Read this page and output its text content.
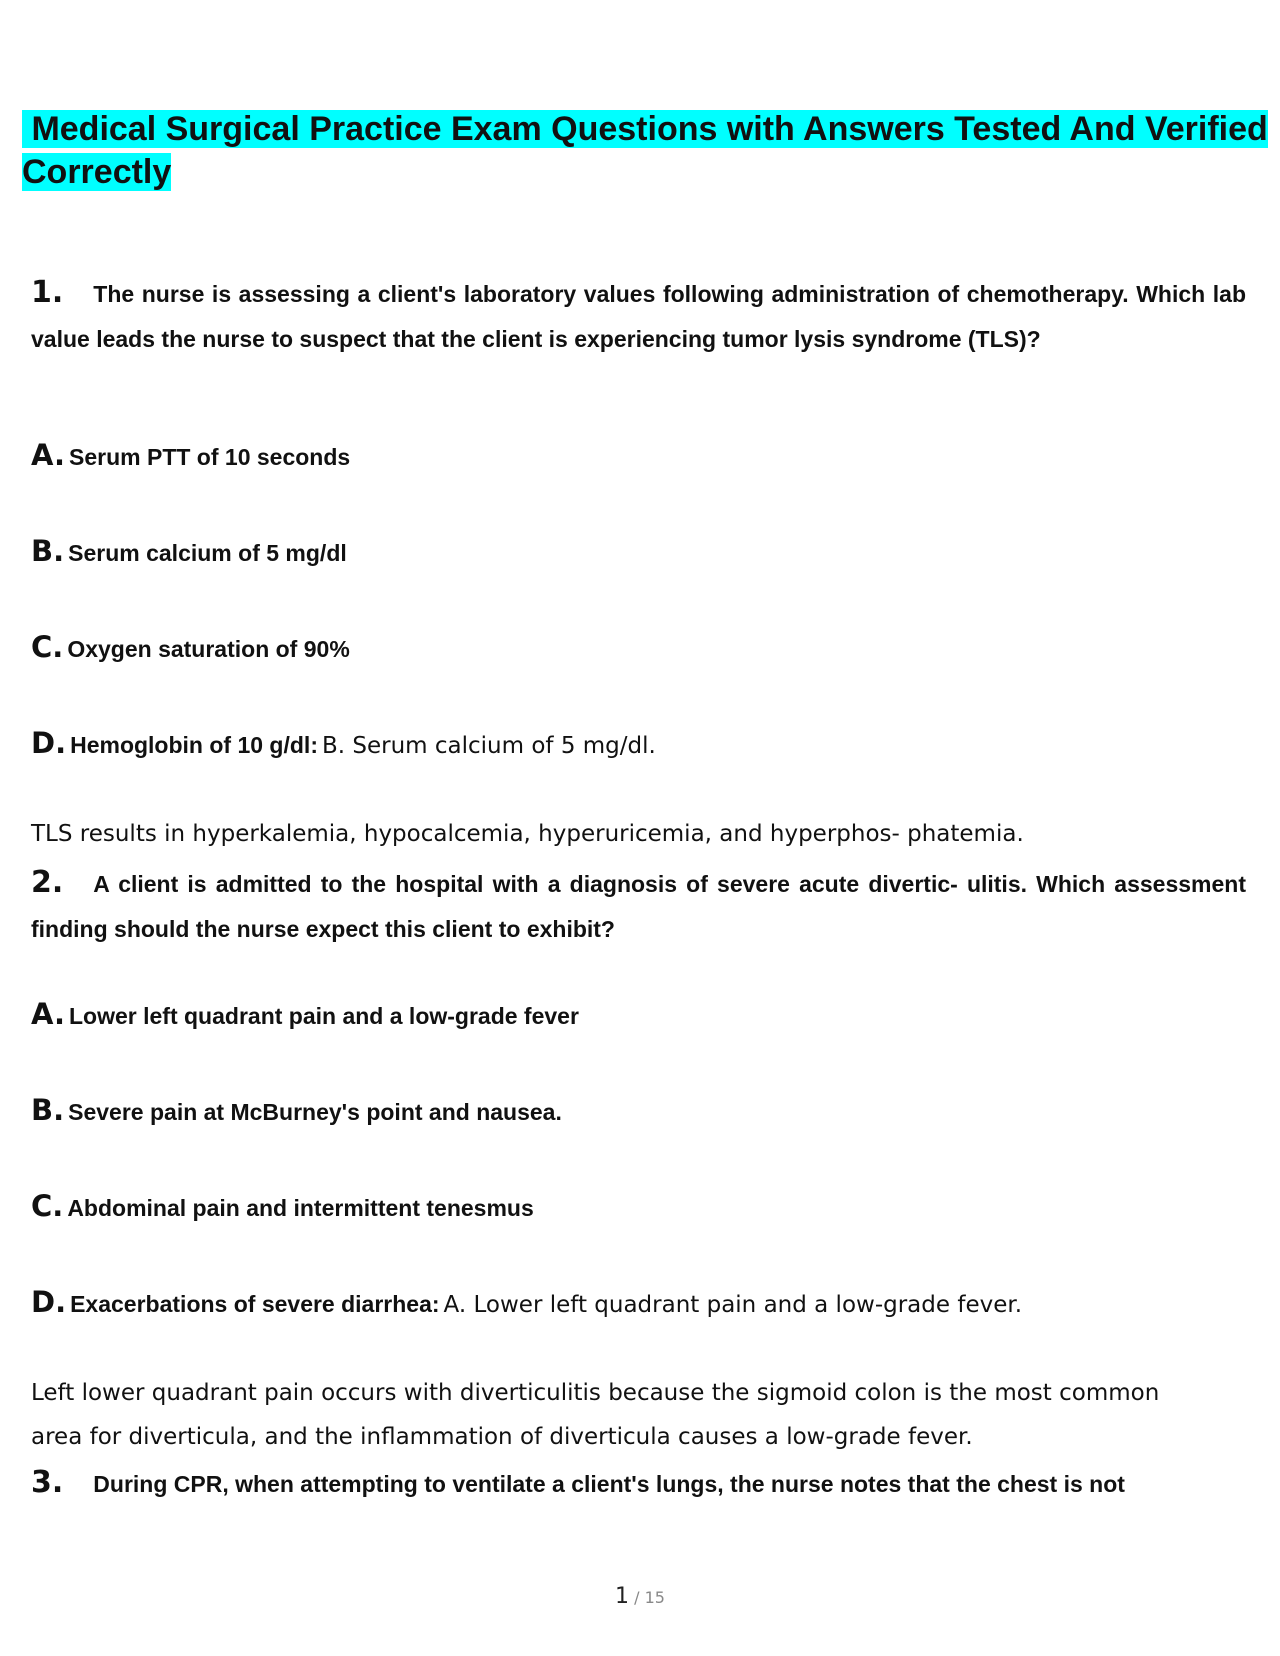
Medical Surgical Practice Exam Questions with Answers Tested And Verified Correctly

1. The nurse is assessing a client's laboratory values following administration of chemotherapy. Which lab value leads the nurse to suspect that the client is experiencing tumor lysis syndrome (TLS)?

A. Serum PTT of 10 seconds

B. Serum calcium of 5 mg/dl

C. Oxygen saturation of 90%

D. Hemoglobin of 10 g/dl: B. Serum calcium of 5 mg/dl.

TLS results in hyperkalemia, hypocalcemia, hyperuricemia, and hyperphos- phatemia.

2. A client is admitted to the hospital with a diagnosis of severe acute divertic- ulitis. Which assessment finding should the nurse expect this client to exhibit?

A. Lower left quadrant pain and a low-grade fever

B. Severe pain at McBurney's point and nausea.

C. Abdominal pain and intermittent tenesmus

D. Exacerbations of severe diarrhea: A. Lower left quadrant pain and a low-grade fever.

Left lower quadrant pain occurs with diverticulitis because the sigmoid colon is the most common area for diverticula, and the inflammation of diverticula causes a low-grade fever.

3. During CPR, when attempting to ventilate a client's lungs, the nurse notes that the chest is not

1 / 15
